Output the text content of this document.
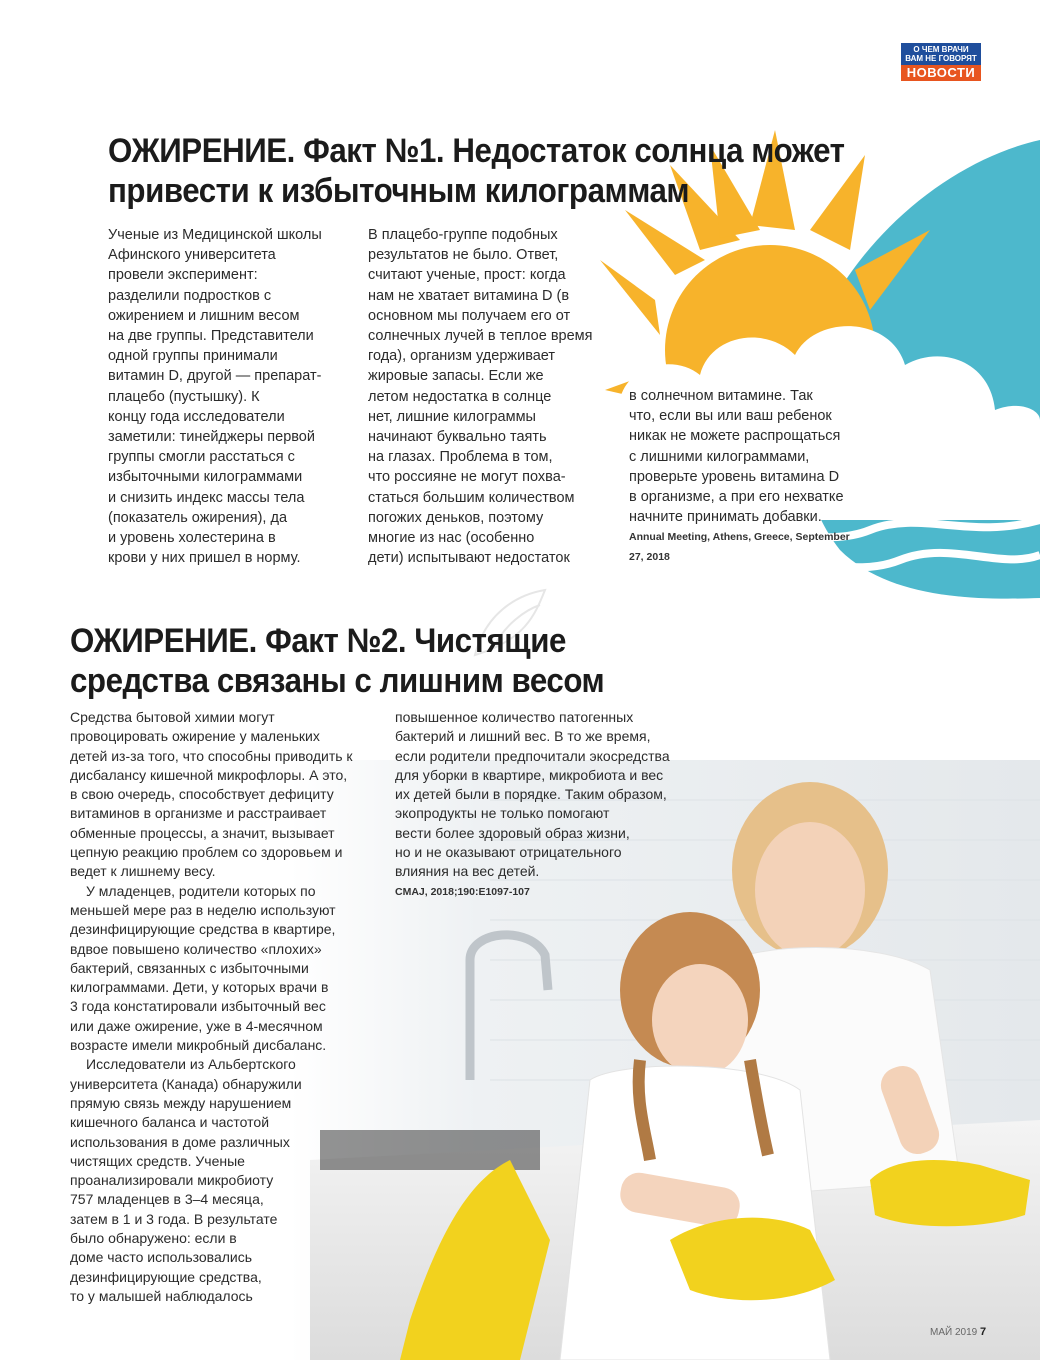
О ЧЕМ ВРАЧИ
ВАМ НЕ ГОВОРЯТ
НОВОСТИ
ОЖИРЕНИЕ. Факт №1. Недостаток солнца может
привести к избыточным килограммам

Ученые из Медицинской школы

Афинского университета

провели эксперимент:

разделили подростков с

ожирением и лишним весом

на две группы. Представители

одной группы принимали

витамин D, другой — препарат-

плацебо (пустышку). К

концу года исследователи

заметили: тинейджеры первой

группы смогли расстаться с

избыточными килограммами

и снизить индекс массы тела

(показатель ожирения), да

и уровень холестерина в

крови у них пришел в норму.

В плацебо-группе подобных

результатов не было. Ответ,

считают ученые, прост: когда

нам не хватает витамина D (в

основном мы получаем его от

солнечных лучей в теплое время

года), организм удерживает

жировые запасы. Если же

летом недостатка в солнце

нет, лишние килограммы

начинают буквально таять

на глазах. Проблема в том,

что россияне не могут похва-

статься большим количеством

погожих деньков, поэтому

многие из нас (особенно

дети) испытывают недостаток

в солнечном витамине. Так

что, если вы или ваш ребенок

никак не можете распрощаться

с лишними килограммами,

проверьте уровень витамина D

в организме, а при его нехватке

начните принимать добавки.

Annual Meeting, Athens, Greece, September

27, 2018

ОЖИРЕНИЕ. Факт №2. Чистящие
средства связаны с лишним весом

Средства бытовой химии могут

провоцировать ожирение у маленьких

детей из-за того, что способны приводить к

дисбалансу кишечной микрофлоры. А это,

в свою очередь, способствует дефициту

витаминов в организме и расстраивает

обменные процессы, а значит, вызывает

цепную реакцию проблем со здоровьем и

ведет к лишнему весу.

У младенцев, родители которых по

меньшей мере раз в неделю используют

дезинфицирующие средства в квартире,

вдвое повышено количество «плохих»

бактерий, связанных с избыточными

килограммами. Дети, у которых врачи в

3 года констатировали избыточный вес

или даже ожирение, уже в 4-месячном

возрасте имели микробный дисбаланс.

Исследователи из Альбертского

университета (Канада) обнаружили

прямую связь между нарушением

кишечного баланса и частотой

использования в доме различных

чистящих средств. Ученые

проанализировали микробиоту

757 младенцев в 3–4 месяца,

затем в 1 и 3 года. В результате

было обнаружено: если в

доме часто использовались

дезинфицирующие средства,

то у малышей наблюдалось

повышенное количество патогенных

бактерий и лишний вес. В то же время,

если родители предпочитали экосредства

для уборки в квартире, микробиота и вес

их детей были в порядке. Таким образом,

экопродукты не только помогают

вести более здоровый образ жизни,

но и не оказывают отрицательного

влияния на вес детей.

CMAJ, 2018;190:E1097-107

МАЙ 2019 7
